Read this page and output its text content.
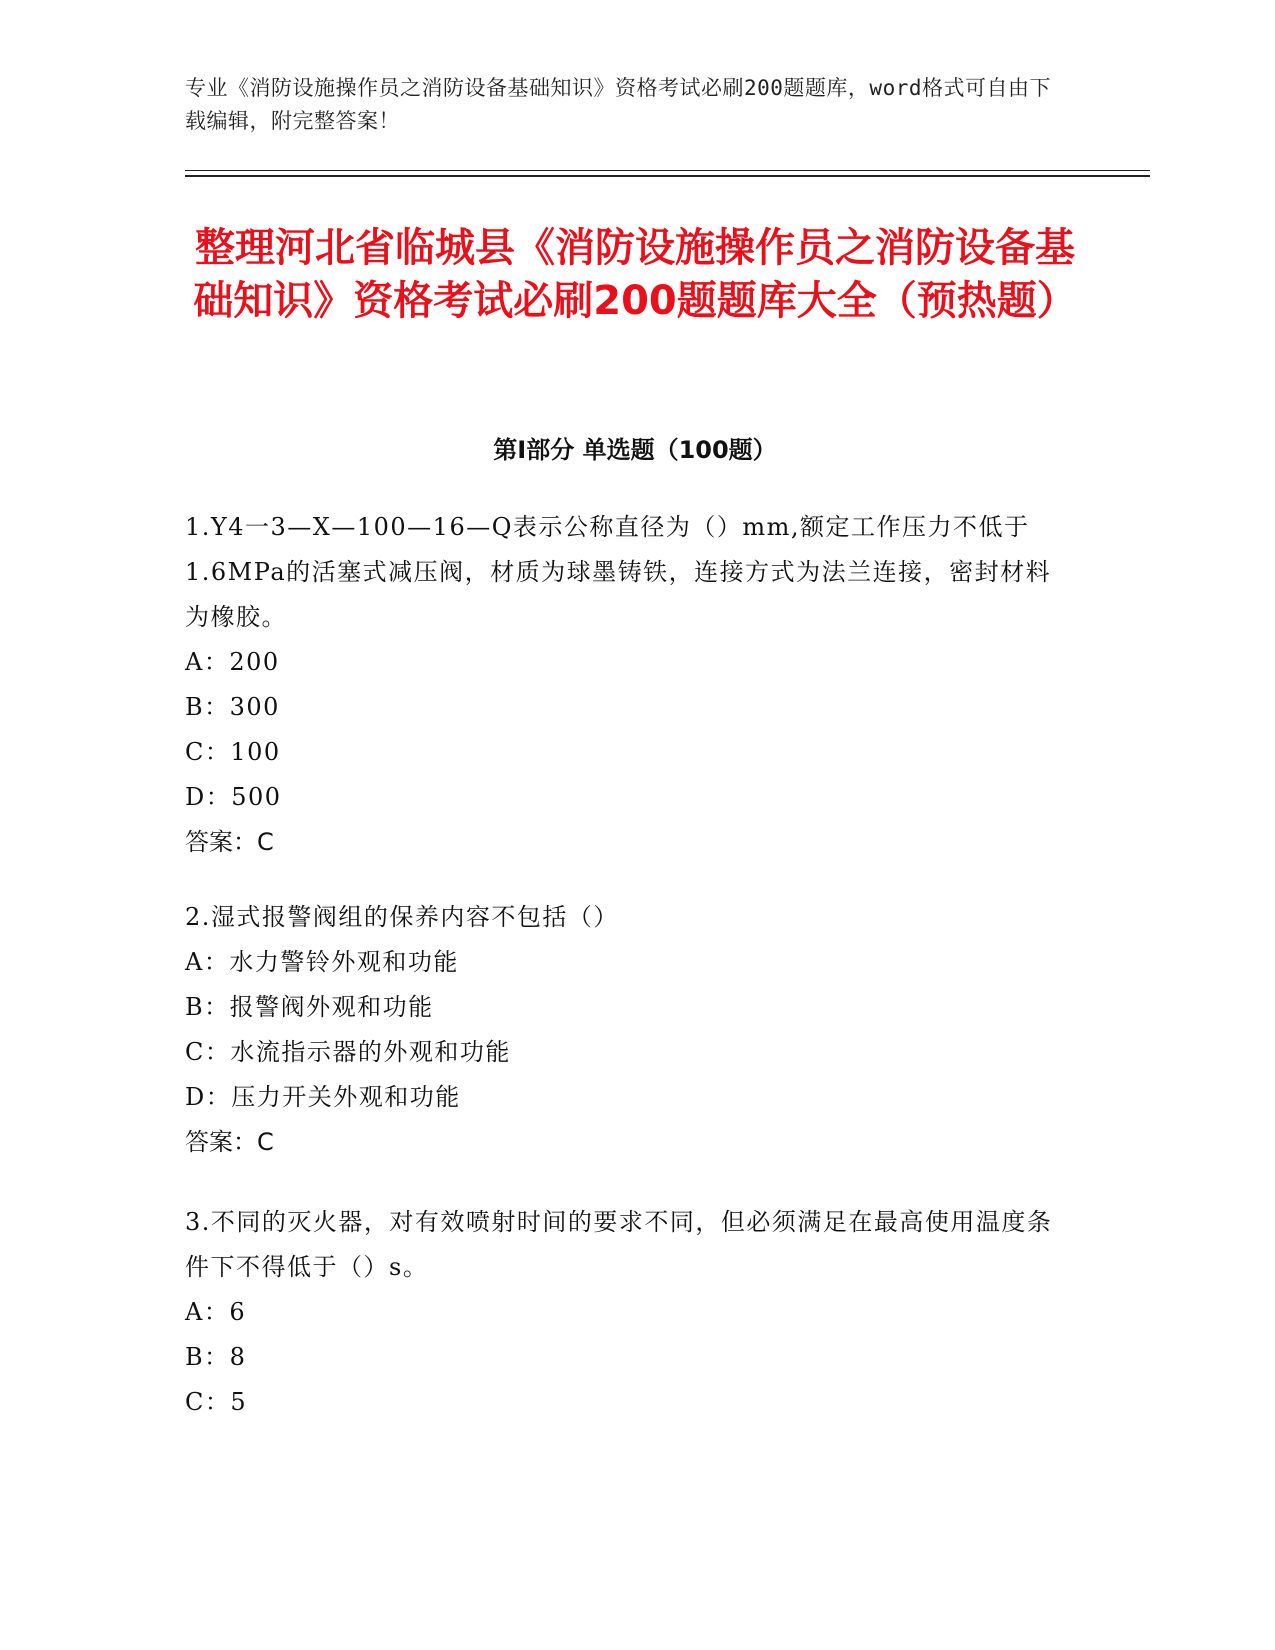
专业《消防设施操作员之消防设备基础知识》资格考试必刷200题题库，word格式可自由下载编辑，附完整答案！
整理河北省临城县《消防设施操作员之消防设备基础知识》资格考试必刷200题题库大全（预热题）
第Ⅰ部分 单选题（100题）

1.Y4一3—X—100—16—Q表示公称直径为（）mm,额定工作压力不低于1.6MPa的活塞式减压阀，材质为球墨铸铁，连接方式为法兰连接，密封材料为橡胶。

A：200

B：300

C：100

D：500

答案：C

2.湿式报警阀组的保养内容不包括（）

A：水力警铃外观和功能

B：报警阀外观和功能

C：水流指示器的外观和功能

D：压力开关外观和功能

答案：C

3.不同的灭火器，对有效喷射时间的要求不同，但必须满足在最高使用温度条件下不得低于（）s。

A：6

B：8

C：5
